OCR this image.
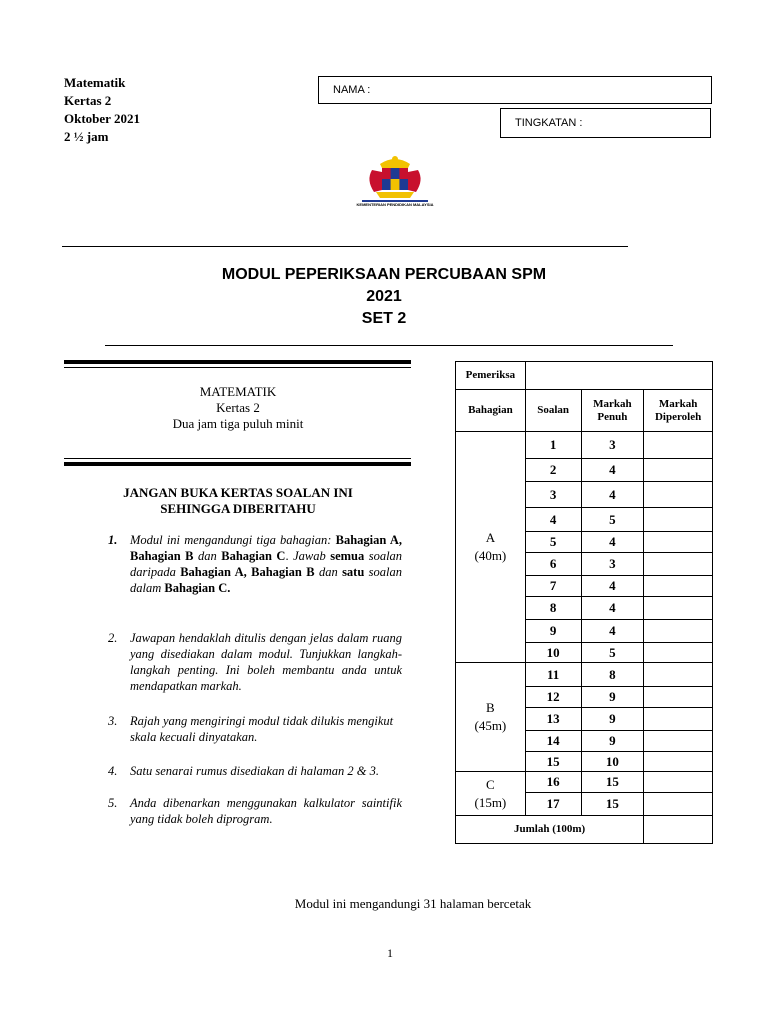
Matematik
Kertas 2
Oktober 2021
2 ½ jam
NAMA :
TINGKATAN :
KEMENTERIAN PENDIDIKAN MALAYSIA
MODUL PEPERIKSAAN PERCUBAAN SPM
2021
SET 2
MATEMATIK
Kertas 2
Dua jam tiga puluh minit
JANGAN BUKA KERTAS SOALAN INI
SEHINGGA DIBERITAHU
1. Modul ini mengandungi tiga bahagian: Bahagian A, Bahagian B dan Bahagian C. Jawab semua soalan daripada Bahagian A, Bahagian B dan satu soalan dalam Bahagian C.
2. Jawapan hendaklah ditulis dengan jelas dalam ruang yang disediakan dalam modul. Tunjukkan langkah-langkah penting. Ini boleh membantu anda untuk mendapatkan markah.
3. Rajah yang mengiringi modul tidak dilukis mengikut skala kecuali dinyatakan.
4. Satu senarai rumus disediakan di halaman 2 & 3.
5. Anda dibenarkan menggunakan kalkulator saintifik yang tidak boleh diprogram.
Pemeriksa			
Bahagian	Soalan	Markah Penuh	Markah Diperoleh

A
(40m)	1	3	
	2	4	
	3	4	
	4	5	
	5	4	
	6	3	
	7	4	
	8	4	
	9	4	
	10	5	

B
(45m)	11	8	
	12	9	
	13	9	
	14	9	
	15	10	

C
(15m)	16	15	
	17	15	
Jumlah (100m)			
Modul ini mengandungi 31 halaman bercetak
1
